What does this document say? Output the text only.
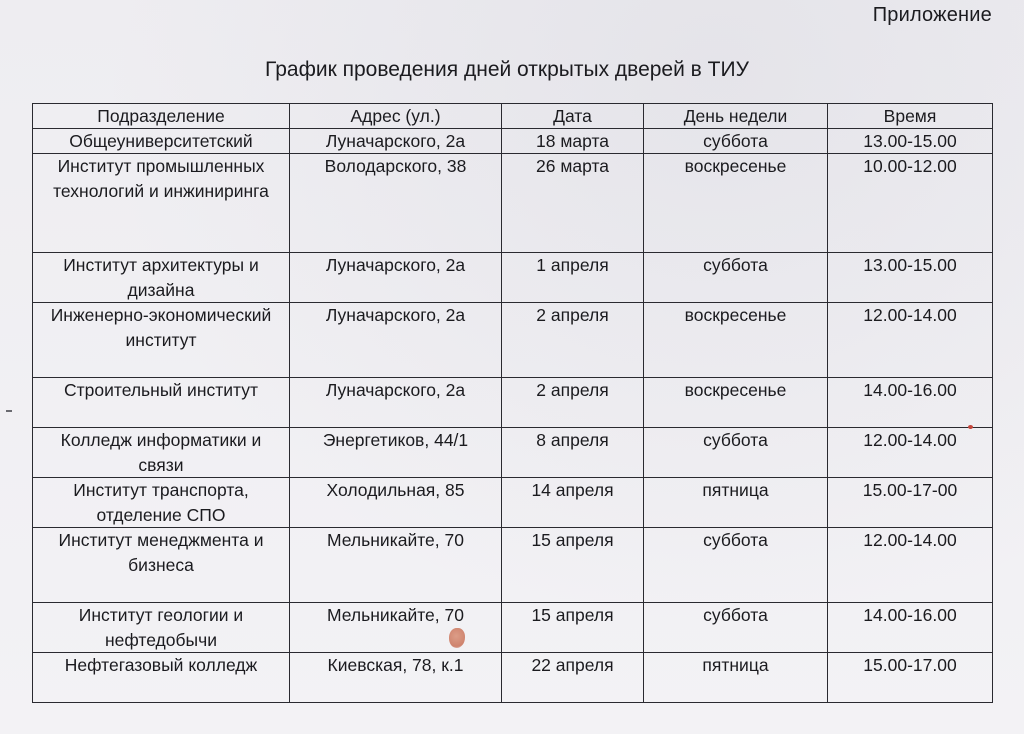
Приложение
График проведения дней открытых дверей в ТИУ
Подразделение	Адрес (ул.)	Дата	День недели	Время
Общеуниверситетский	Луначарского, 2а	18 марта	суббота	13.00-15.00
Институт промышленных технологий и инжиниринга	Володарского, 38	26 марта	воскресенье	10.00-12.00
Институт архитектуры и дизайна	Луначарского, 2а	1 апреля	суббота	13.00-15.00
Инженерно-экономический институт	Луначарского, 2а	2 апреля	воскресенье	12.00-14.00
Строительный институт	Луначарского, 2а	2 апреля	воскресенье	14.00-16.00
Колледж информатики и связи	Энергетиков, 44/1	8 апреля	суббота	12.00-14.00
Институт транспорта, отделение СПО	Холодильная, 85	14 апреля	пятница	15.00-17-00
Институт менеджмента и бизнеса	Мельникайте, 70	15 апреля	суббота	12.00-14.00
Институт геологии и нефтедобычи	Мельникайте, 70	15 апреля	суббота	14.00-16.00
Нефтегазовый колледж	Киевская, 78, к.1	22 апреля	пятница	15.00-17.00
